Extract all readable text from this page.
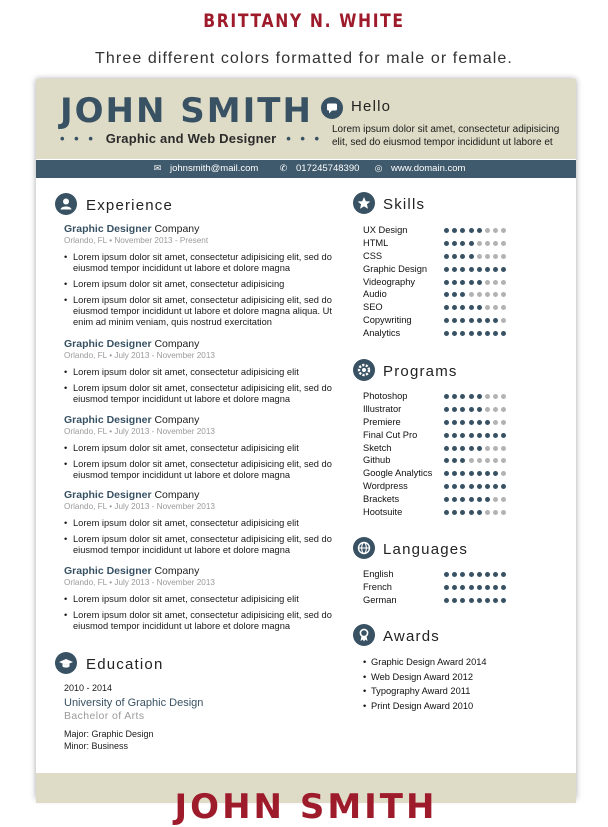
BRITTANY N. WHITE
Three different colors formatted for male or female.
JOHN SMITH
• • • Graphic and Web Designer • • •
Hello
Lorem ipsum dolor sit amet, consectetur adipisicing elit, sed do eiusmod tempor incididunt ut labore et
✉ johnsmith@mail.com ✆ 017245748390 ◎ www.domain.com
Experience
Graphic Designer Company
Orlando, FL • November 2013 - Present
• Lorem ipsum dolor sit amet, consectetur adipisicing elit, sed do eiusmod tempor incididunt ut labore et dolore magna
• Lorem ipsum dolor sit amet, consectetur adipisicing
• Lorem ipsum dolor sit amet, consectetur adipisicing elit, sed do eiusmod tempor incididunt ut labore et dolore magna aliqua. Ut enim ad minim veniam, quis nostrud exercitation
Graphic Designer Company
Orlando, FL • July 2013 - November 2013
• Lorem ipsum dolor sit amet, consectetur adipisicing elit
• Lorem ipsum dolor sit amet, consectetur adipisicing elit, sed do eiusmod tempor incididunt ut labore et dolore magna
Graphic Designer Company
Orlando, FL • July 2013 - November 2013
• Lorem ipsum dolor sit amet, consectetur adipisicing elit
• Lorem ipsum dolor sit amet, consectetur adipisicing elit, sed do eiusmod tempor incididunt ut labore et dolore magna
Graphic Designer Company
Orlando, FL • July 2013 - November 2013
• Lorem ipsum dolor sit amet, consectetur adipisicing elit
• Lorem ipsum dolor sit amet, consectetur adipisicing elit, sed do eiusmod tempor incididunt ut labore et dolore magna
Graphic Designer Company
Orlando, FL • July 2013 - November 2013
• Lorem ipsum dolor sit amet, consectetur adipisicing elit
• Lorem ipsum dolor sit amet, consectetur adipisicing elit, sed do eiusmod tempor incididunt ut labore et dolore magna
Education
2010 - 2014
University of Graphic Design
Bachelor of Arts
Major: Graphic Design
Minor: Business
Skills
UX Design
HTML
CSS
Graphic Design
Videography
Audio
SEO
Copywriting
Analytics
Programs
Photoshop
Illustrator
Premiere
Final Cut Pro
Sketch
Github
Google Analytics
Wordpress
Brackets
Hootsuite
Languages
English
French
German
Awards
• Graphic Design Award 2014
• Web Design Award 2012
• Typography Award 2011
• Print Design Award 2010
JOHN SMITH
